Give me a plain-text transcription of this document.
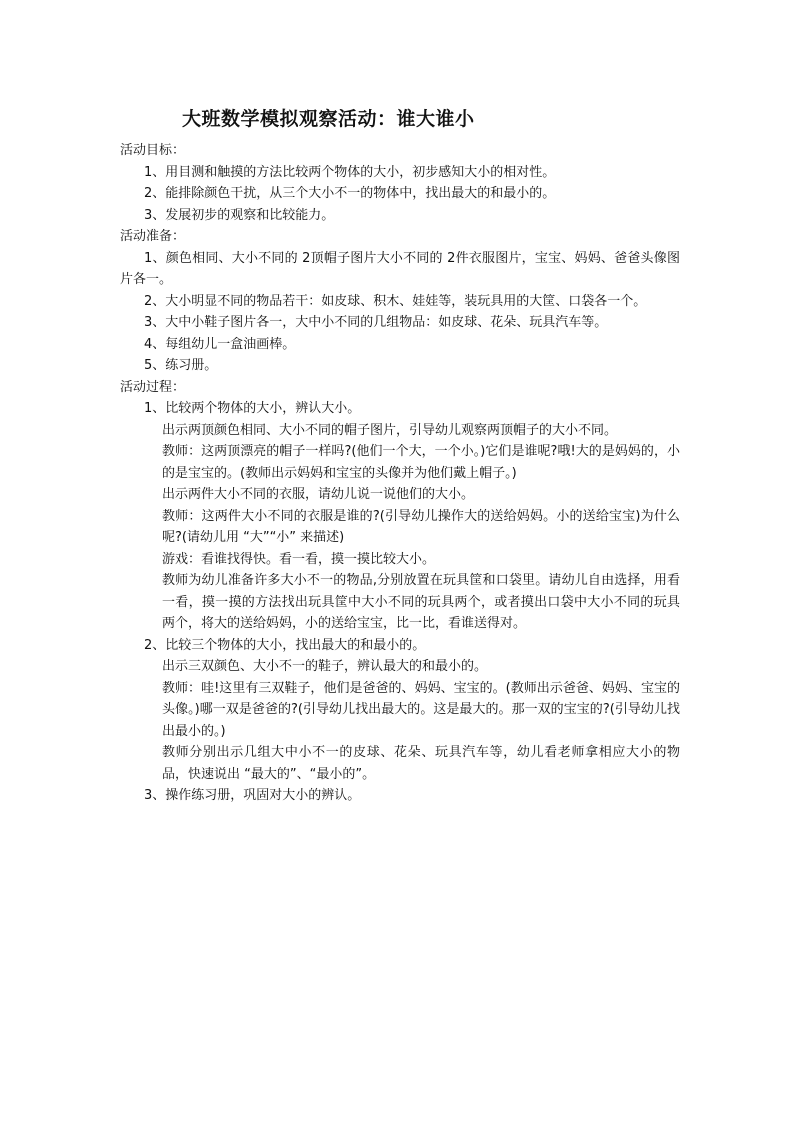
大班数学模拟观察活动：谁大谁小
活动目标：
1、用目测和触摸的方法比较两个物体的大小，初步感知大小的相对性。
2、能排除颜色干扰，从三个大小不一的物体中，找出最大的和最小的。
3、发展初步的观察和比较能力。
活动准备：

1、颜色相同、大小不同的 2顶帽子图片大小不同的 2件衣服图片，宝宝、妈妈、爸爸头像图片各一。

2、大小明显不同的物品若干：如皮球、积木、娃娃等，装玩具用的大筐、口袋各一个。
3、大中小鞋子图片各一，大中小不同的几组物品：如皮球、花朵、玩具汽车等。
4、每组幼儿一盒油画棒。
5、练习册。
活动过程：
1、比较两个物体的大小，辨认大小。

出示两顶颜色相同、大小不同的帽子图片，引导幼儿观察两顶帽子的大小不同。

教师：这两顶漂亮的帽子一样吗?(他们一个大，一个小。)它们是谁呢?哦!大的是妈妈的，小的是宝宝的。(教师出示妈妈和宝宝的头像并为他们戴上帽子。)

出示两件大小不同的衣服，请幼儿说一说他们的大小。

教师：这两件大小不同的衣服是谁的?(引导幼儿操作大的送给妈妈。小的送给宝宝)为什么呢?(请幼儿用 “大”“小” 来描述)

游戏：看谁找得快。看一看，摸一摸比较大小。

教师为幼儿准备许多大小不一的物品,分别放置在玩具筐和口袋里。请幼儿自由选择，用看一看，摸一摸的方法找出玩具筐中大小不同的玩具两个，或者摸出口袋中大小不同的玩具两个，将大的送给妈妈，小的送给宝宝，比一比，看谁送得对。

2、比较三个物体的大小，找出最大的和最小的。

出示三双颜色、大小不一的鞋子，辨认最大的和最小的。

教师：哇!这里有三双鞋子，他们是爸爸的、妈妈、宝宝的。(教师出示爸爸、妈妈、宝宝的头像。)哪一双是爸爸的?(引导幼儿找出最大的。这是最大的。那一双的宝宝的?(引导幼儿找出最小的。)

教师分别出示几组大中小不一的皮球、花朵、玩具汽车等，幼儿看老师拿相应大小的物品，快速说出 “最大的”、“最小的”。

3、操作练习册，巩固对大小的辨认。
